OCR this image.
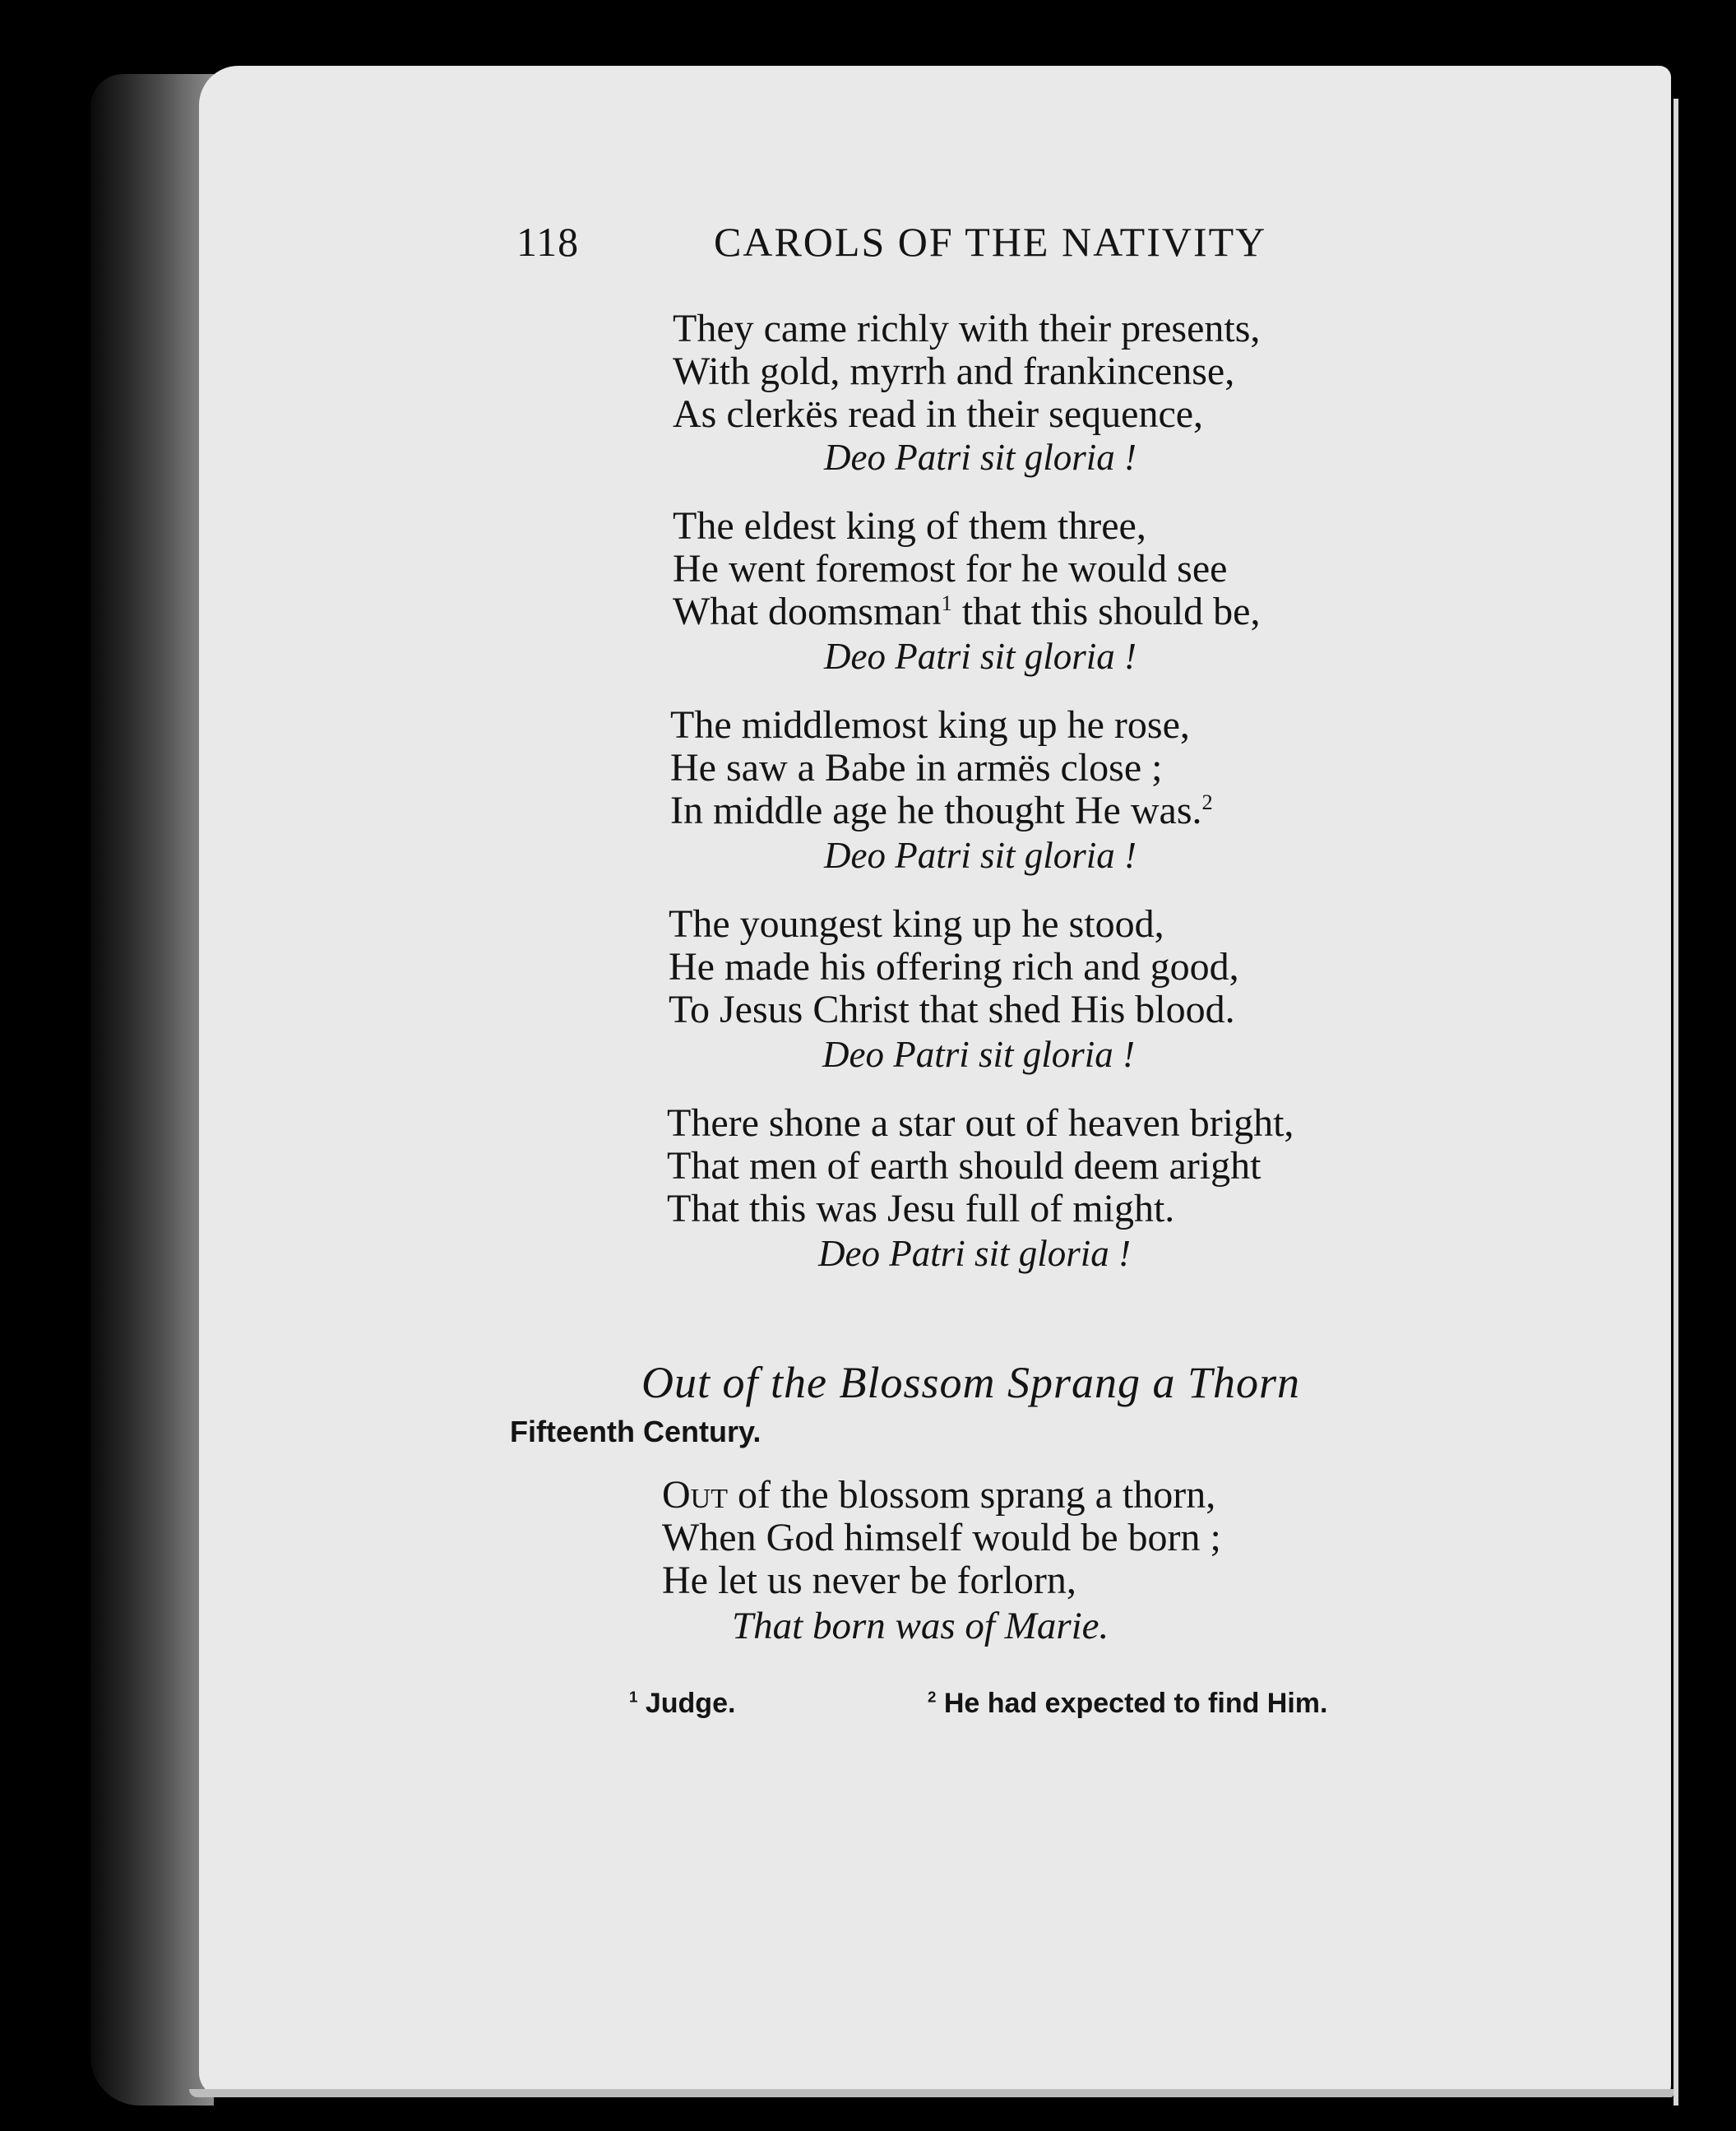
118	CAROLS OF THE NATIVITY
They came richly with their presents,
With gold, myrrh and frankincense,
As clerkës read in their sequence,
Deo Patri sit gloria !
The eldest king of them three,
He went foremost for he would see
What doomsman$^1$ that this should be,
Deo Patri sit gloria !
The middlemost king up he rose,
He saw a Babe in armës close ;
In middle age he thought He was.$^2$
Deo Patri sit gloria !
The youngest king up he stood,
He made his offering rich and good,
To Jesus Christ that shed His blood.
Deo Patri sit gloria !
There shone a star out of heaven bright,
That men of earth should deem aright
That this was Jesu full of might.
Deo Patri sit gloria !
Out of the Blossom Sprang a Thorn
Fifteenth Century.
Out of the blossom sprang a thorn,
When God himself would be born ;
He let us never be forlorn,
That born was of Marie.
$^1$ Judge.	$^2$ He had expected to find Him.
